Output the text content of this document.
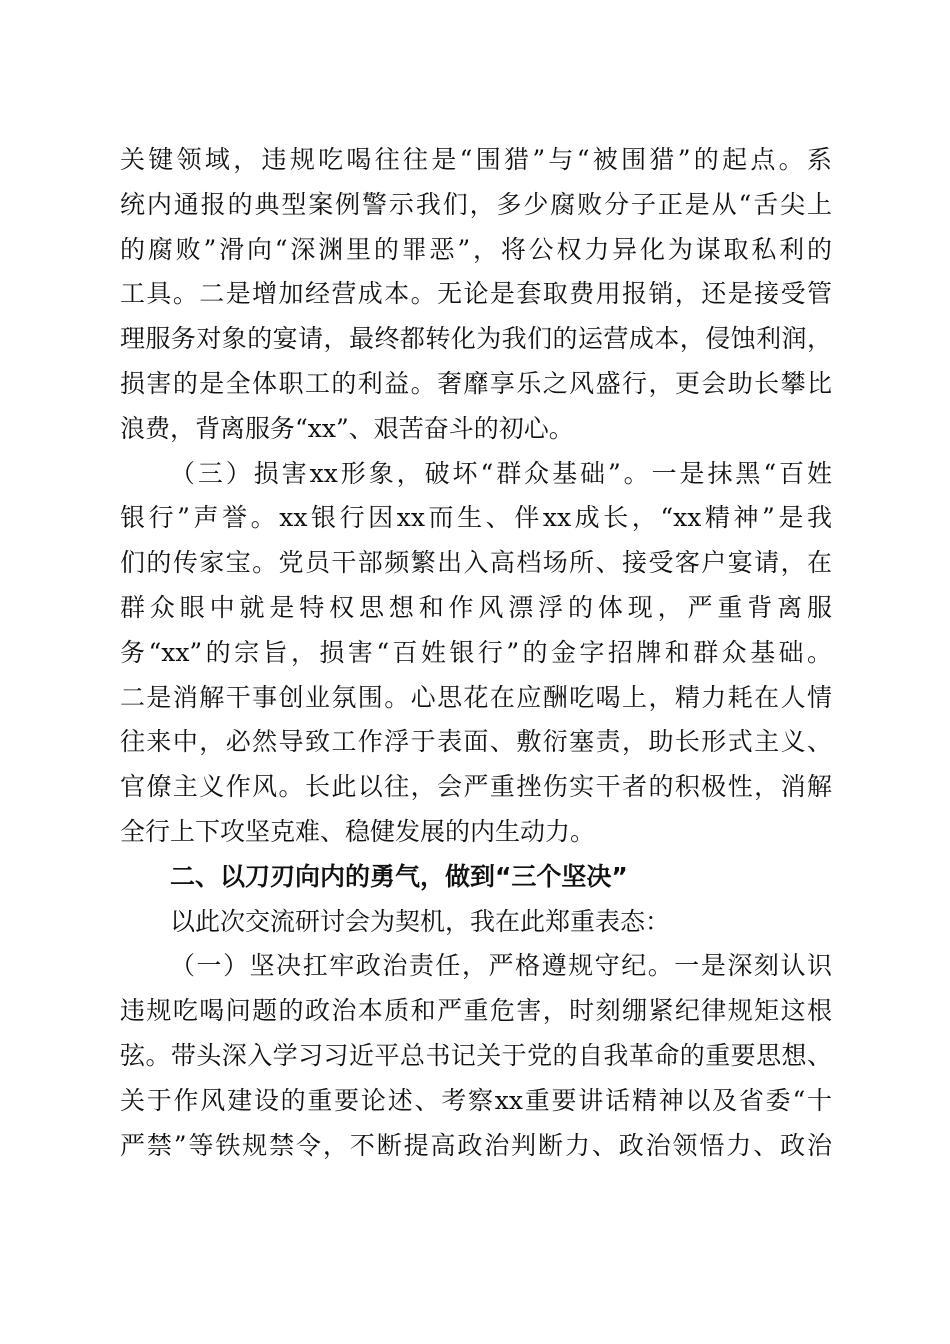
关键领域，违规吃喝往往是“围猎”与“被围猎”的起点。系
统内通报的典型案例警示我们，多少腐败分子正是从“舌尖上
的腐败”滑向“深渊里的罪恶”，将公权力异化为谋取私利的
工具。二是增加经营成本。无论是套取费用报销，还是接受管
理服务对象的宴请，最终都转化为我们的运营成本，侵蚀利润，
损害的是全体职工的利益。奢靡享乐之风盛行，更会助长攀比
浪费，背离服务“xx”、艰苦奋斗的初心。
（三）损害xx形象，破坏“群众基础”。一是抹黑“百姓
银行”声誉。xx银行因xx而生、伴xx成长，“xx精神”是我
们的传家宝。党员干部频繁出入高档场所、接受客户宴请，在
群众眼中就是特权思想和作风漂浮的体现，严重背离服
务“xx”的宗旨，损害“百姓银行”的金字招牌和群众基础。
二是消解干事创业氛围。心思花在应酬吃喝上，精力耗在人情
往来中，必然导致工作浮于表面、敷衍塞责，助长形式主义、
官僚主义作风。长此以往，会严重挫伤实干者的积极性，消解
全行上下攻坚克难、稳健发展的内生动力。
二、以刀刃向内的勇气，做到“三个坚决”
以此次交流研讨会为契机，我在此郑重表态：
（一）坚决扛牢政治责任，严格遵规守纪。一是深刻认识
违规吃喝问题的政治本质和严重危害，时刻绷紧纪律规矩这根
弦。带头深入学习习近平总书记关于党的自我革命的重要思想、
关于作风建设的重要论述、考察xx重要讲话精神以及省委“十
严禁”等铁规禁令，不断提高政治判断力、政治领悟力、政治
